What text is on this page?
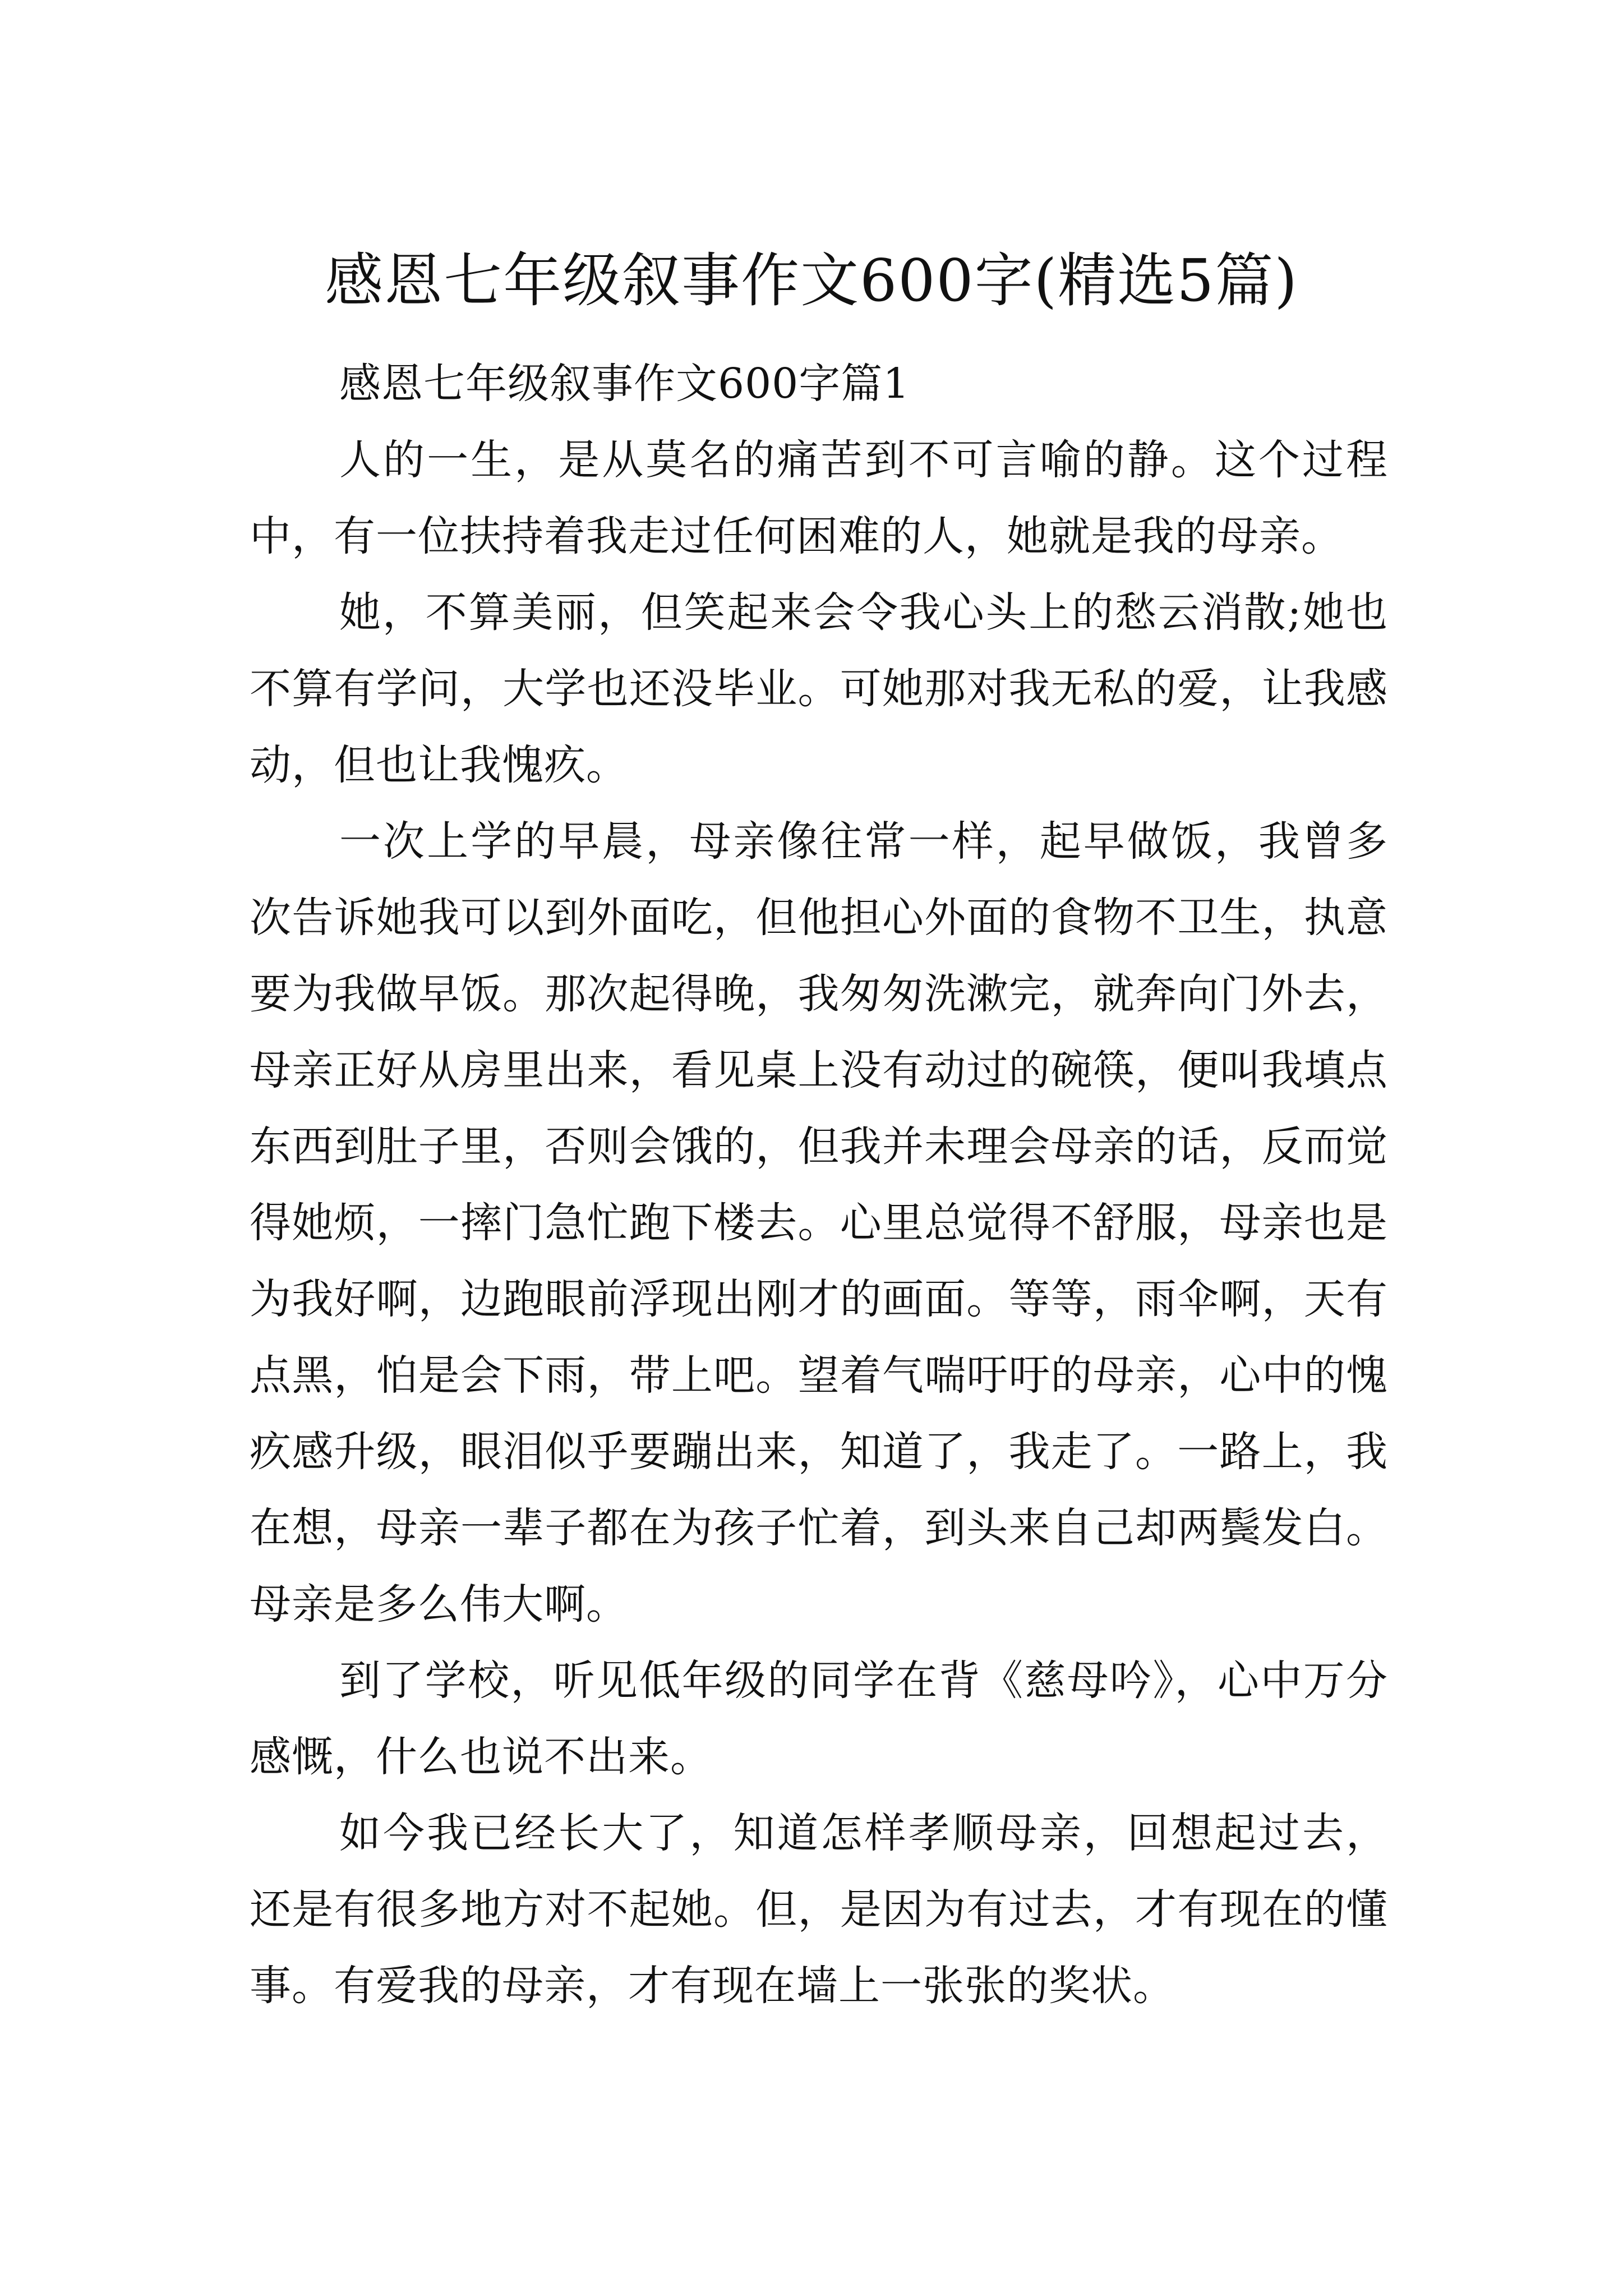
感恩七年级叙事作文600字(精选5篇)

感恩七年级叙事作文600字篇1

人的一生，是从莫名的痛苦到不可言喻的静。这个过程中，有一位扶持着我走过任何困难的人，她就是我的母亲。

她，不算美丽，但笑起来会令我心头上的愁云消散;她也不算有学问，大学也还没毕业。可她那对我无私的爱，让我感动，但也让我愧疚。

一次上学的早晨，母亲像往常一样，起早做饭，我曾多次告诉她我可以到外面吃，但他担心外面的食物不卫生，执意要为我做早饭。那次起得晚，我匆匆洗漱完，就奔向门外去，母亲正好从房里出来，看见桌上没有动过的碗筷，便叫我填点东西到肚子里，否则会饿的，但我并未理会母亲的话，反而觉得她烦，一摔门急忙跑下楼去。心里总觉得不舒服，母亲也是为我好啊，边跑眼前浮现出刚才的画面。等等，雨伞啊，天有点黑，怕是会下雨，带上吧。望着气喘吁吁的母亲，心中的愧疚感升级，眼泪似乎要蹦出来，知道了，我走了。一路上，我在想，母亲一辈子都在为孩子忙着，到头来自己却两鬓发白。母亲是多么伟大啊。

到了学校，听见低年级的同学在背《慈母吟》，心中万分感慨，什么也说不出来。

如今我已经长大了，知道怎样孝顺母亲，回想起过去，还是有很多地方对不起她。但，是因为有过去，才有现在的懂事。有爱我的母亲，才有现在墙上一张张的奖状。
